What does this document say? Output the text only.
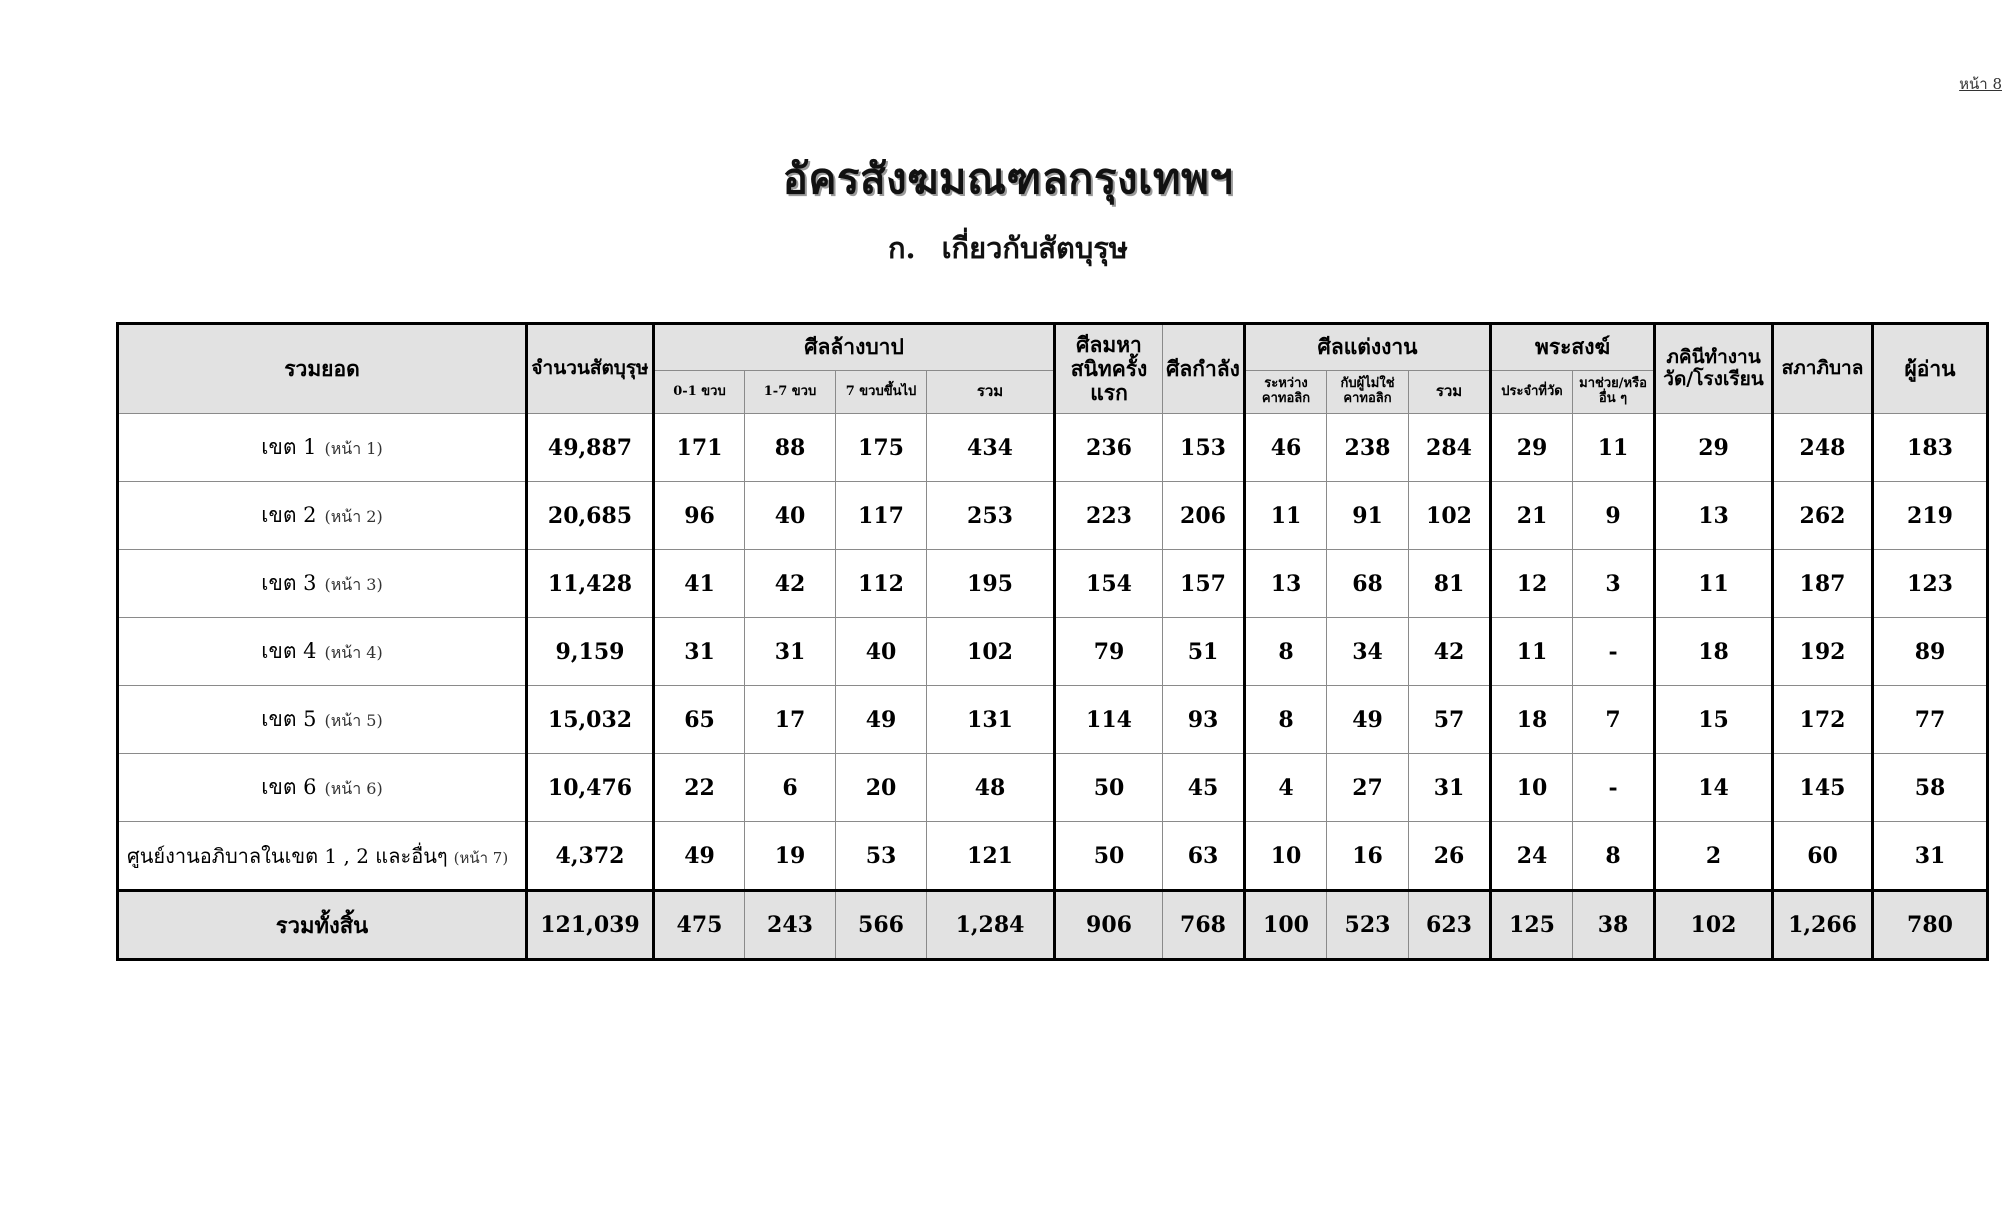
หน้า 8
อัครสังฆมณฑลกรุงเทพฯ
ก. เกี่ยวกับสัตบุรุษ
รวมยอด	จำนวนสัตบุรุษ	ศีลล้างบาป				ศีลมหาสนิทครั้งแรก	ศีลกำลัง	ศีลแต่งงาน			พระสงฆ์		ภคินีทำงานวัด/โรงเรียน	สภาภิบาล	ผู้อ่าน
		0-1 ขวบ	1-7 ขวบ	7 ขวบขึ้นไป	รวม			ระหว่างคาทอลิก	กับผู้ไม่ใช่คาทอลิก	รวม	ประจำที่วัด	มาช่วย/หรืออื่น ๆ			
เขต 1 (หน้า 1)	49,887	171	88	175	434	236	153	46	238	284	29	11	29	248	183
เขต 2 (หน้า 2)	20,685	96	40	117	253	223	206	11	91	102	21	9	13	262	219
เขต 3 (หน้า 3)	11,428	41	42	112	195	154	157	13	68	81	12	3	11	187	123
เขต 4 (หน้า 4)	9,159	31	31	40	102	79	51	8	34	42	11	-	18	192	89
เขต 5 (หน้า 5)	15,032	65	17	49	131	114	93	8	49	57	18	7	15	172	77
เขต 6 (หน้า 6)	10,476	22	6	20	48	50	45	4	27	31	10	-	14	145	58
ศูนย์งานอภิบาลในเขต 1 , 2 และอื่นๆ (หน้า 7)	4,372	49	19	53	121	50	63	10	16	26	24	8	2	60	31
รวมทั้งสิ้น	121,039	475	243	566	1,284	906	768	100	523	623	125	38	102	1,266	780
